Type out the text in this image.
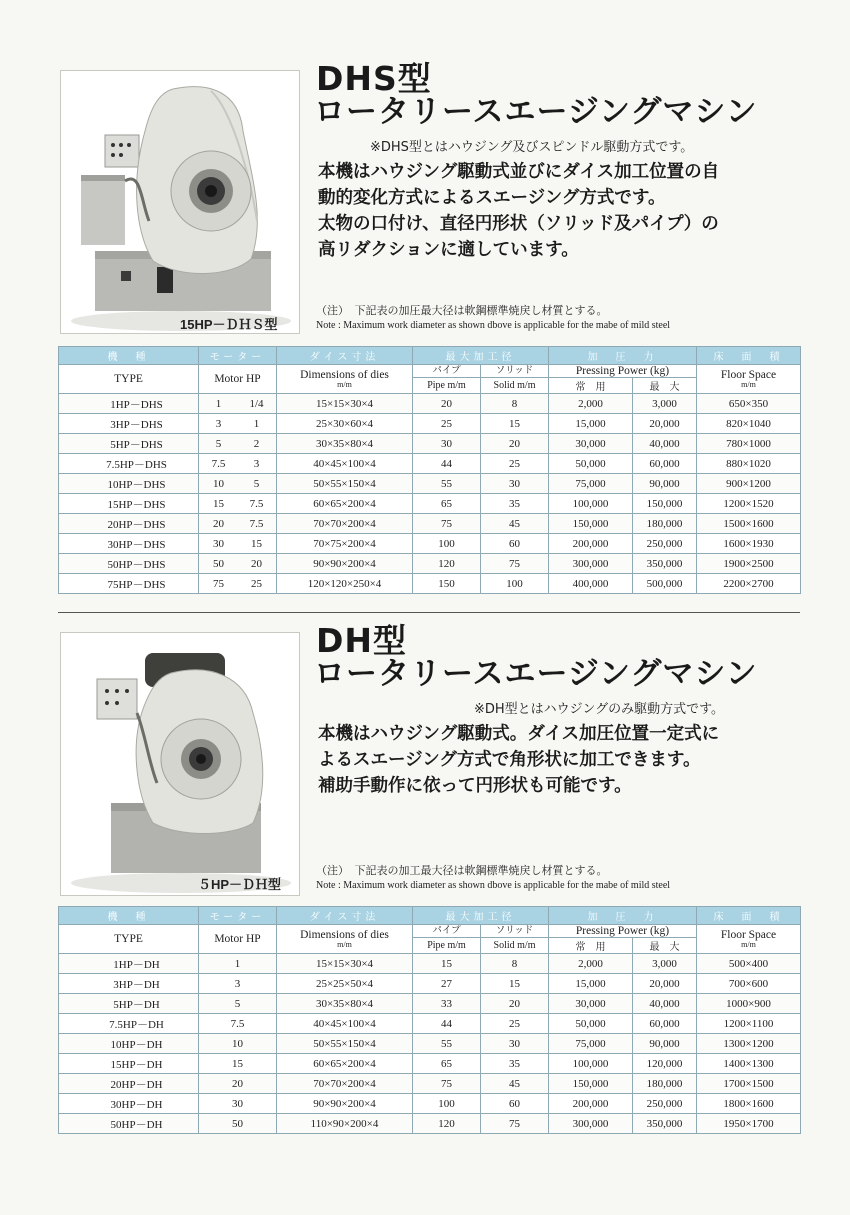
15HP－ＤＨＳ型
DHS型
ロータリースエージングマシン
※DHS型とはハウジング及びスピンドル駆動方式です。
本機はハウジング駆動式並びにダイス加工位置の自
動的変化方式によるスエージング方式です。
太物の口付け、直径円形状（ソリッド及パイプ）の
高リダクションに適しています。
（注）　下記表の加圧最大径は軟鋼標準焼戻し材質とする。
Note : Maximum work diameter as shown dbove is applicable for the mabe of mild steel
機　種	モーター	ダイス寸法	最大加工径		加　圧　力		床　面　積
TYPE	Motor HP	Dimensions of dies
m/m	パイプ	ソリッド	Pressing Power (kg)		Floor Space
m/m

			Pipe m/m	Solid m/m	常　用	最　大	
1HP－DHS	1 1/4	15×15×30×4	20	8	2,000	3,000	650×350
3HP－DHS	3 1	25×30×60×4	25	15	15,000	20,000	820×1040
5HP－DHS	5 2	30×35×80×4	30	20	30,000	40,000	780×1000
7.5HP－DHS	7.5 3	40×45×100×4	44	25	50,000	60,000	880×1020
10HP－DHS	10 5	50×55×150×4	55	30	75,000	90,000	900×1200
15HP－DHS	15 7.5	60×65×200×4	65	35	100,000	150,000	1200×1520
20HP－DHS	20 7.5	70×70×200×4	75	45	150,000	180,000	1500×1600
30HP－DHS	30 15	70×75×200×4	100	60	200,000	250,000	1600×1930
50HP－DHS	50 20	90×90×200×4	120	75	300,000	350,000	1900×2500
75HP－DHS	75 25	120×120×250×4	150	100	400,000	500,000	2200×2700
５HP－ＤＨ型
DH型
ロータリースエージングマシン
※DH型とはハウジングのみ駆動方式です。
本機はハウジング駆動式。ダイス加圧位置一定式に
よるスエージング方式で角形状に加工できます。
補助手動作に依って円形状も可能です。
（注）　下記表の加工最大径は軟鋼標準焼戻し材質とする。
Note : Maximum work diameter as shown dbove is applicable for the mabe of mild steel
機　種	モーター	ダイス寸法	最大加工径		加　圧　力		床　面　積
TYPE	Motor HP	Dimensions of dies
m/m	パイプ	ソリッド	Pressing Power (kg)		Floor Space
m/m

			Pipe m/m	Solid m/m	常　用	最　大	
1HP－DH	1	15×15×30×4	15	8	2,000	3,000	500×400
3HP－DH	3	25×25×50×4	27	15	15,000	20,000	700×600
5HP－DH	5	30×35×80×4	33	20	30,000	40,000	1000×900
7.5HP－DH	7.5	40×45×100×4	44	25	50,000	60,000	1200×1100
10HP－DH	10	50×55×150×4	55	30	75,000	90,000	1300×1200
15HP－DH	15	60×65×200×4	65	35	100,000	120,000	1400×1300
20HP－DH	20	70×70×200×4	75	45	150,000	180,000	1700×1500
30HP－DH	30	90×90×200×4	100	60	200,000	250,000	1800×1600
50HP－DH	50	110×90×200×4	120	75	300,000	350,000	1950×1700
